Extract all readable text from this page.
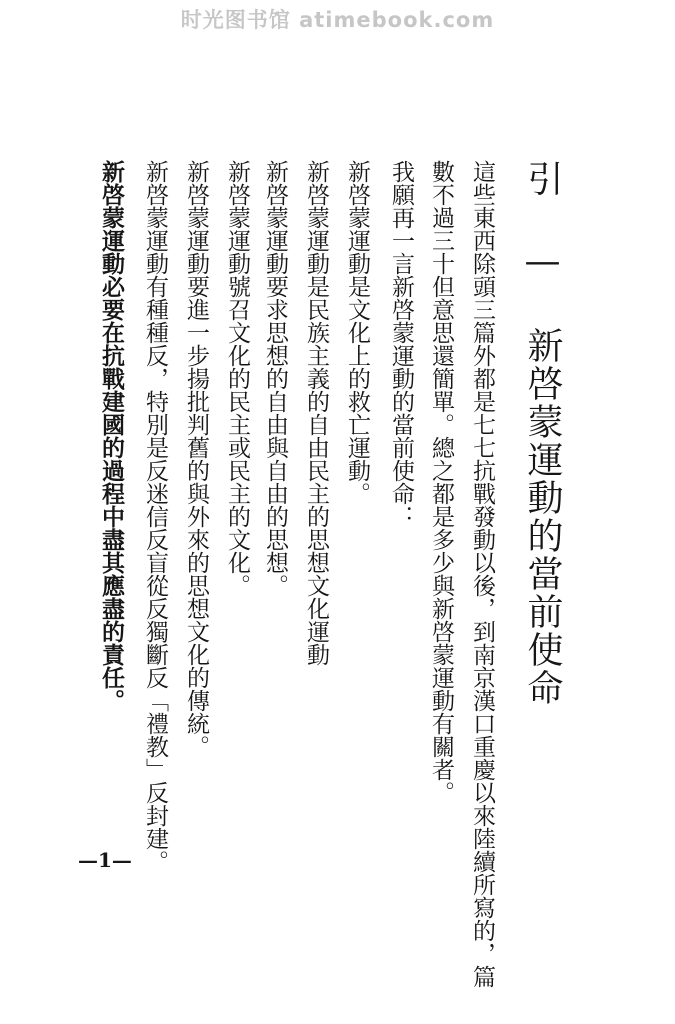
时光图书馆 atimebook.com
引 — 新啓蒙運動的當前使命
這些東西除頭三篇外都是七七抗戰發動以後，到南京漢口重慶以來陸續所寫的，篇
數不過三十但意思還簡單。總之都是多少與新啓蒙運動有關者。
我願再一言新啓蒙運動的當前使命：
新啓蒙運動是文化上的救亡運動。
新啓蒙運動是民族主義的自由民主的思想文化運動
新啓蒙運動要求思想的自由與自由的思想。
新啓蒙運動號召文化的民主或民主的文化。
新啓蒙運動要進一步揚批判舊的與外來的思想文化的傳統。
新啓蒙運動有種種反，特別是反迷信反盲從反獨斷反「禮教」反封建。
新啓蒙運動必要在抗戰建國的過程中盡其應盡的責任。
—1—
